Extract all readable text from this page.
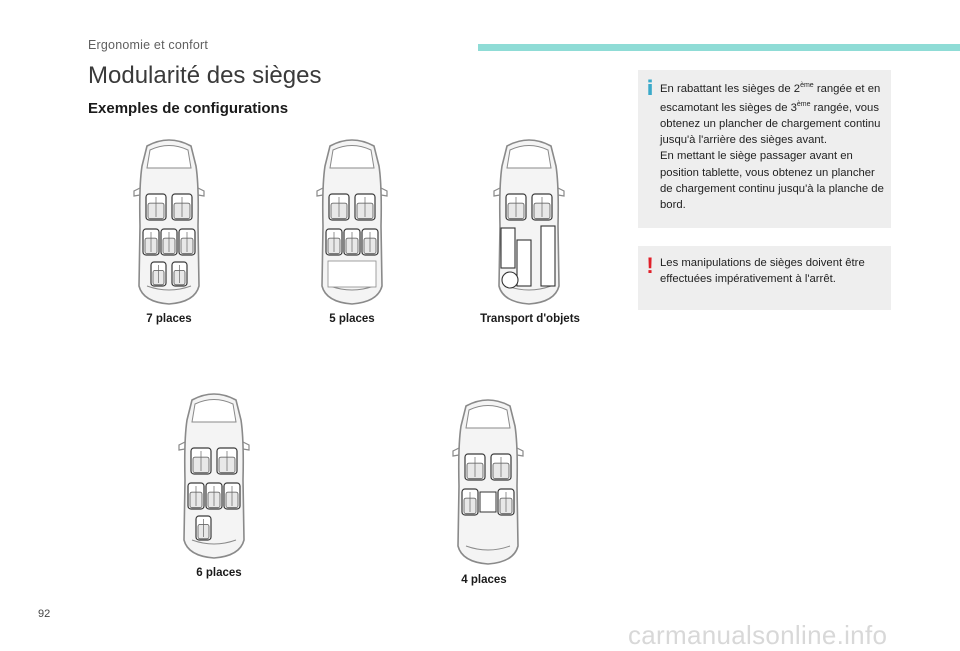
Ergonomie et confort
Modularité des sièges
Exemples de configurations
7 places	5 places	Transport d'objets
6 places
4 places
i En rabattant les sièges de 2ème rangée et en escamotant les sièges de 3ème rangée, vous obtenez un plancher de chargement continu jusqu'à l'arrière des sièges avant.
En mettant le siège passager avant en position tablette, vous obtenez un plancher de chargement continu jusqu'à la planche de bord.
! Les manipulations de sièges doivent être effectuées impérativement à l'arrêt.
92
carmanualsonline.info
